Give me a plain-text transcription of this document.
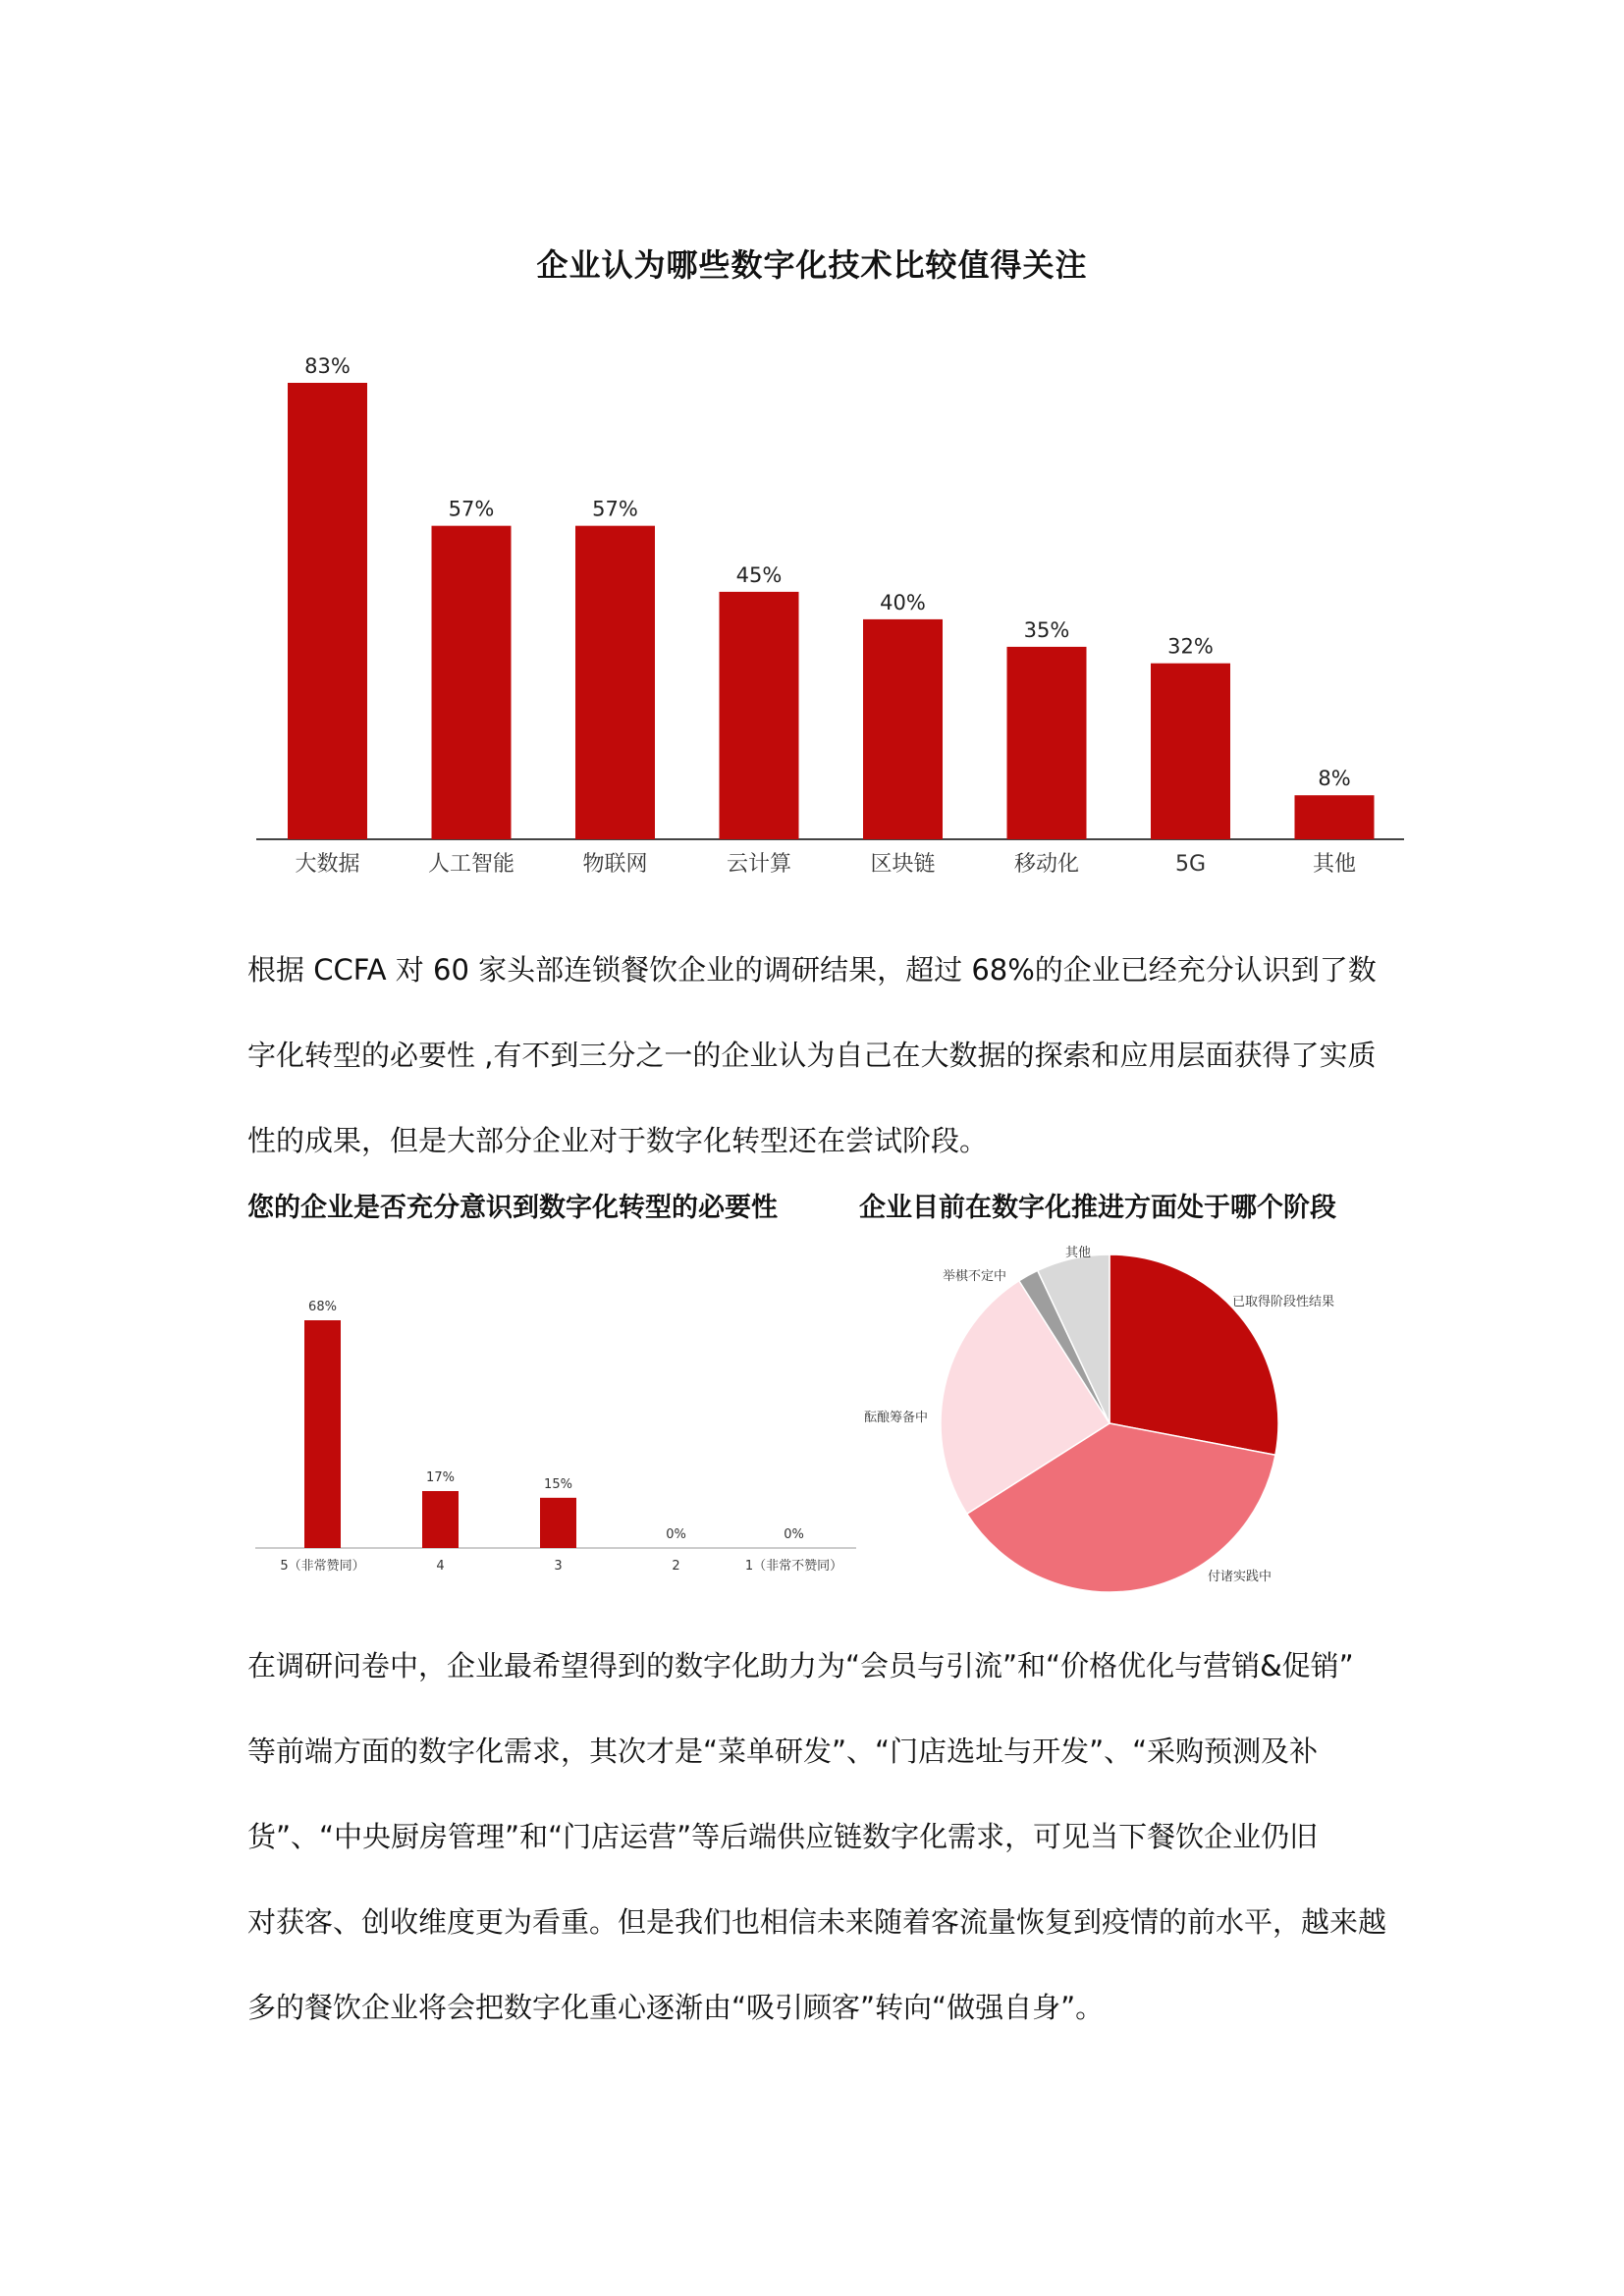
企业认为哪些数字化技术比较值得关注
83%
大数据
57%
人工智能
57%
物联网
45%
云计算
40%
区块链
35%
移动化
32%
5G
8%
其他
根据 CCFA 对 60 家头部连锁餐饮企业的调研结果，超过 68%的企业已经充分认识到了数
字化转型的必要性 ,有不到三分之一的企业认为自己在大数据的探索和应用层面获得了实质
性的成果，但是大部分企业对于数字化转型还在尝试阶段。
您的企业是否充分意识到数字化转型的必要性	企业目前在数字化推进方面处于哪个阶段
68%
5（非常赞同）
17%
4
15%
3
0%
2
0%
1（非常不赞同）
已取得阶段性结果
付诸实践中
酝酿筹备中
举棋不定中
其他
在调研问卷中，企业最希望得到的数字化助力为“会员与引流”和“价格优化与营销&促销”
等前端方面的数字化需求，其次才是“菜单研发”、“门店选址与开发”、“采购预测及补
货”、“中央厨房管理”和“门店运营”等后端供应链数字化需求，可见当下餐饮企业仍旧
对获客、创收维度更为看重。但是我们也相信未来随着客流量恢复到疫情的前水平，越来越
多的餐饮企业将会把数字化重心逐渐由“吸引顾客”转向“做强自身”。
